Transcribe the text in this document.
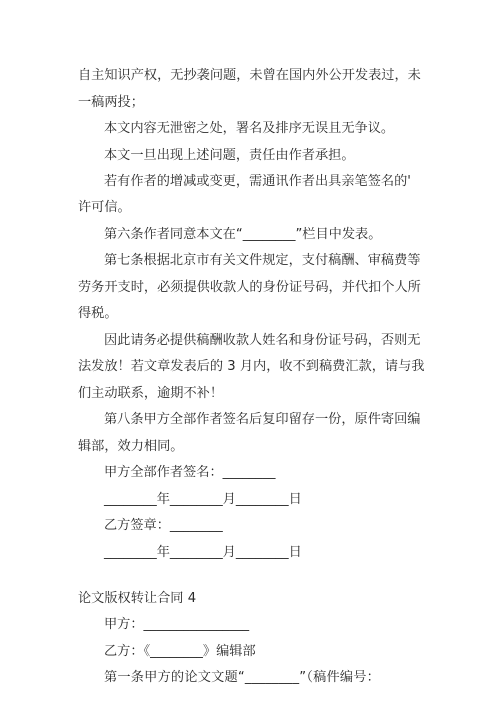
自主知识产权，无抄袭问题，未曾在国内外公开发表过，未
一稿两投；
本文内容无泄密之处，署名及排序无误且无争议。
本文一旦出现上述问题，责任由作者承担。
若有作者的增减或变更，需通讯作者出具亲笔签名的'
许可信。
第六条作者同意本文在“________”栏目中发表。
第七条根据北京市有关文件规定，支付稿酬、审稿费等
劳务开支时，必须提供收款人的身份证号码，并代扣个人所
得税。
因此请务必提供稿酬收款人姓名和身份证号码，否则无
法发放！若文章发表后的 3 月内，收不到稿费汇款，请与我
们主动联系，逾期不补！
第八条甲方全部作者签名后复印留存一份，原件寄回编
辑部，效力相同。
甲方全部作者签名：________
________年________月________日
乙方签章：________
________年________月________日
论文版权转让合同 4
甲方：________________
乙方：《________》编辑部
第一条甲方的论文文题“________”（稿件编号：
